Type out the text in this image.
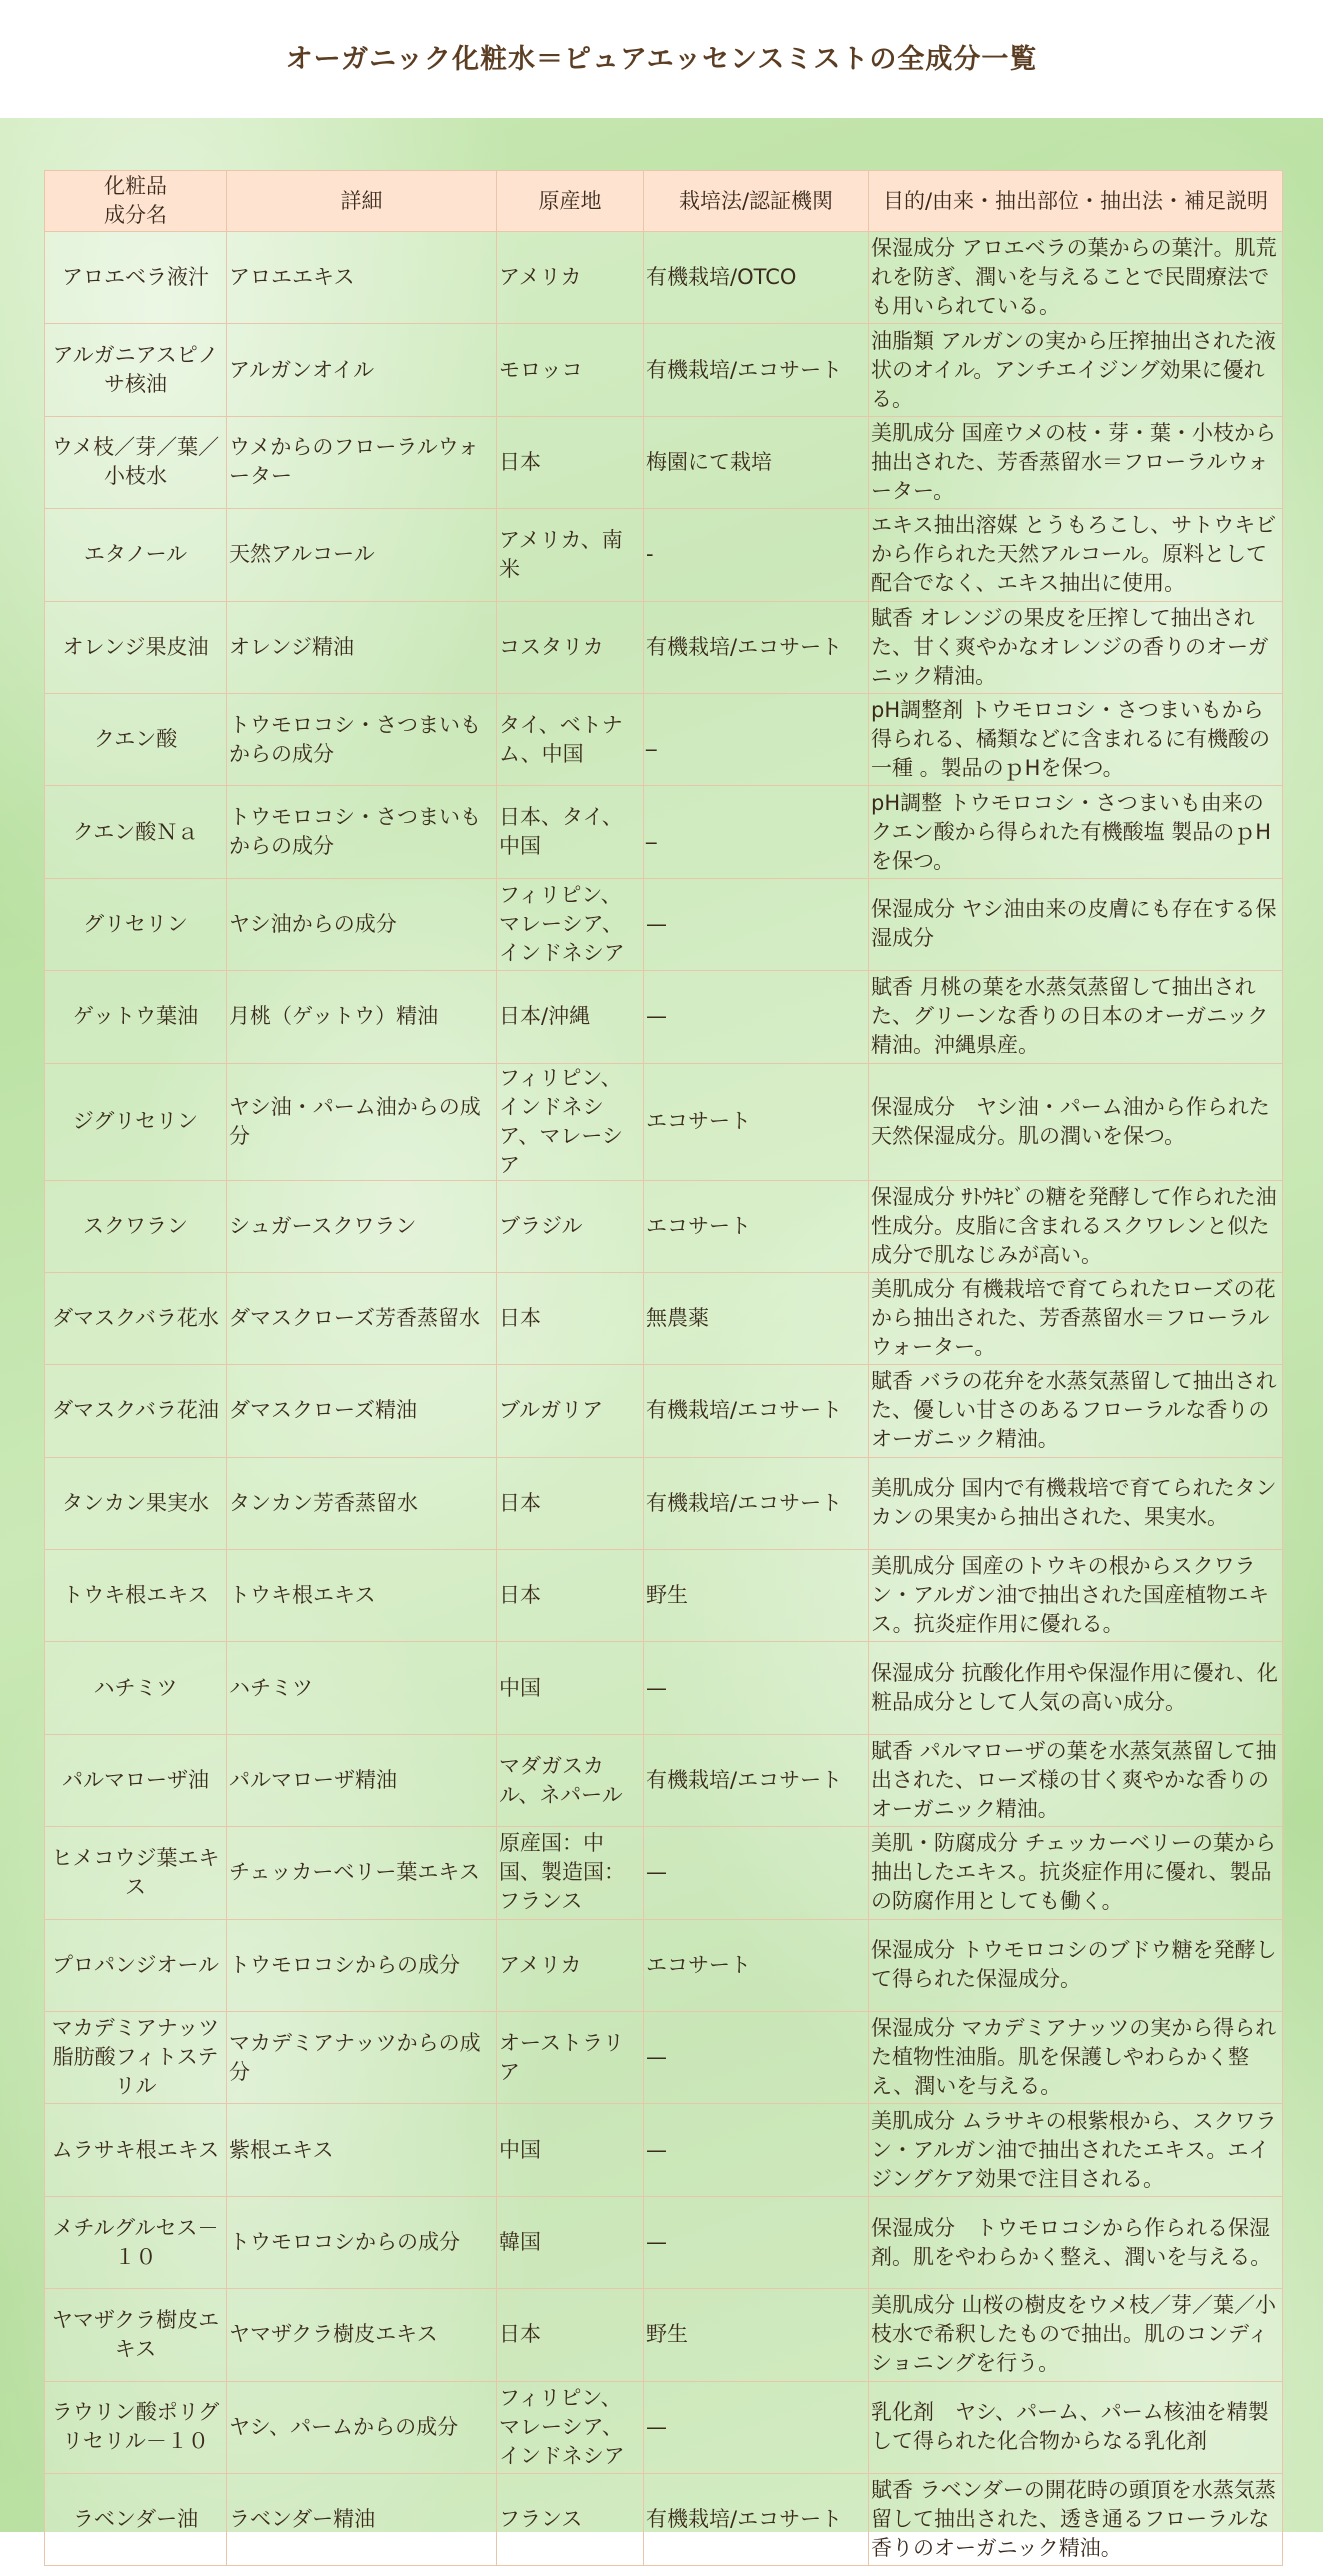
オーガニック化粧水＝ピュアエッセンスミストの全成分一覧
化粧品
成分名	詳細	原産地	栽培法/認証機関	目的/由来・抽出部位・抽出法・補足説明
アロエベラ液汁	アロエエキス	アメリカ	有機栽培/OTCO	保湿成分 アロエベラの葉からの葉汁。肌荒れを防ぎ、潤いを与えることで民間療法でも用いられている。
アルガニアスピノサ核油	アルガンオイル	モロッコ	有機栽培/エコサート	油脂類 アルガンの実から圧搾抽出された液状のオイル。アンチエイジング効果に優れる。
ウメ枝／芽／葉／小枝水	ウメからのフローラルウォーター	日本	梅園にて栽培	美肌成分 国産ウメの枝・芽・葉・小枝から抽出された、芳香蒸留水＝フローラルウォーター。
エタノール	天然アルコール	アメリカ、南米	-	エキス抽出溶媒 とうもろこし、サトウキビから作られた天然アルコール。原料として配合でなく、エキス抽出に使用。
オレンジ果皮油	オレンジ精油	コスタリカ	有機栽培/エコサート	賦香 オレンジの果皮を圧搾して抽出された、甘く爽やかなオレンジの香りのオーガニック精油。
クエン酸	トウモロコシ・さつまいもからの成分	タイ、ベトナム、中国	_	pH調整剤 トウモロコシ・さつまいもから得られる、橘類などに含まれるに有機酸の一種 。製品のｐHを保つ。
クエン酸Ｎａ	トウモロコシ・さつまいもからの成分	日本、タイ、中国	_	pH調整 トウモロコシ・さつまいも由来のクエン酸から得られた有機酸塩 製品のｐHを保つ。
グリセリン	ヤシ油からの成分	フィリピン、マレーシア、インドネシア	—	保湿成分 ヤシ油由来の皮膚にも存在する保湿成分
ゲットウ葉油	月桃（ゲットウ）精油	日本/沖縄	—	賦香 月桃の葉を水蒸気蒸留して抽出された、グリーンな香りの日本のオーガニック精油。沖縄県産。
ジグリセリン	ヤシ油・パーム油からの成分	フィリピン、インドネシア、マレーシア	エコサート	保湿成分　ヤシ油・パーム油から作られた天然保湿成分。肌の潤いを保つ。
スクワラン	シュガースクワラン	ブラジル	エコサート	保湿成分 ｻﾄｳｷﾋﾞの糖を発酵して作られた油性成分。皮脂に含まれるスクワレンと似た成分で肌なじみが高い。
ダマスクバラ花水	ダマスクローズ芳香蒸留水	日本	無農薬	美肌成分 有機栽培で育てられたローズの花から抽出された、芳香蒸留水＝フローラルウォーター。
ダマスクバラ花油	ダマスクローズ精油	ブルガリア	有機栽培/エコサート	賦香 バラの花弁を水蒸気蒸留して抽出された、優しい甘さのあるフローラルな香りのオーガニック精油。
タンカン果実水	タンカン芳香蒸留水	日本	有機栽培/エコサート	美肌成分 国内で有機栽培で育てられたタンカンの果実から抽出された、果実水。
トウキ根エキス	トウキ根エキス	日本	野生	美肌成分 国産のトウキの根からスクワラン・アルガン油で抽出された国産植物エキス。抗炎症作用に優れる。
ハチミツ	ハチミツ	中国	—	保湿成分 抗酸化作用や保湿作用に優れ、化粧品成分として人気の高い成分。
パルマローザ油	パルマローザ精油	マダガスカル、ネパール	有機栽培/エコサート	賦香 パルマローザの葉を水蒸気蒸留して抽出された、ローズ様の甘く爽やかな香りのオーガニック精油。
ヒメコウジ葉エキス	チェッカーベリー葉エキス	原産国：中国、製造国：フランス	—	美肌・防腐成分 チェッカーベリーの葉から抽出したエキス。抗炎症作用に優れ、製品の防腐作用としても働く。
プロパンジオール	トウモロコシからの成分	アメリカ	エコサート	保湿成分 トウモロコシのブドウ糖を発酵して得られた保湿成分。
マカデミアナッツ脂肪酸フィトステリル	マカデミアナッツからの成分	オーストラリア	—	保湿成分 マカデミアナッツの実から得られた植物性油脂。肌を保護しやわらかく整え、潤いを与える。
ムラサキ根エキス	紫根エキス	中国	—	美肌成分 ムラサキの根紫根から、スクワラン・アルガン油で抽出されたエキス。エイジングケア効果で注目される。
メチルグルセス－１０	トウモロコシからの成分	韓国	—	保湿成分　トウモロコシから作られる保湿剤。肌をやわらかく整え、潤いを与える。
ヤマザクラ樹皮エキス	ヤマザクラ樹皮エキス	日本	野生	美肌成分 山桜の樹皮をウメ枝／芽／葉／小枝水で希釈したもので抽出。肌のコンディショニングを行う。
ラウリン酸ポリグリセリル－１０	ヤシ、パームからの成分	フィリピン、マレーシア、インドネシア	—	乳化剤　ヤシ、パーム、パーム核油を精製して得られた化合物からなる乳化剤
ラベンダー油	ラベンダー精油	フランス	有機栽培/エコサート	賦香 ラベンダーの開花時の頭頂を水蒸気蒸留して抽出された、透き通るフローラルな香りのオーガニック精油。
